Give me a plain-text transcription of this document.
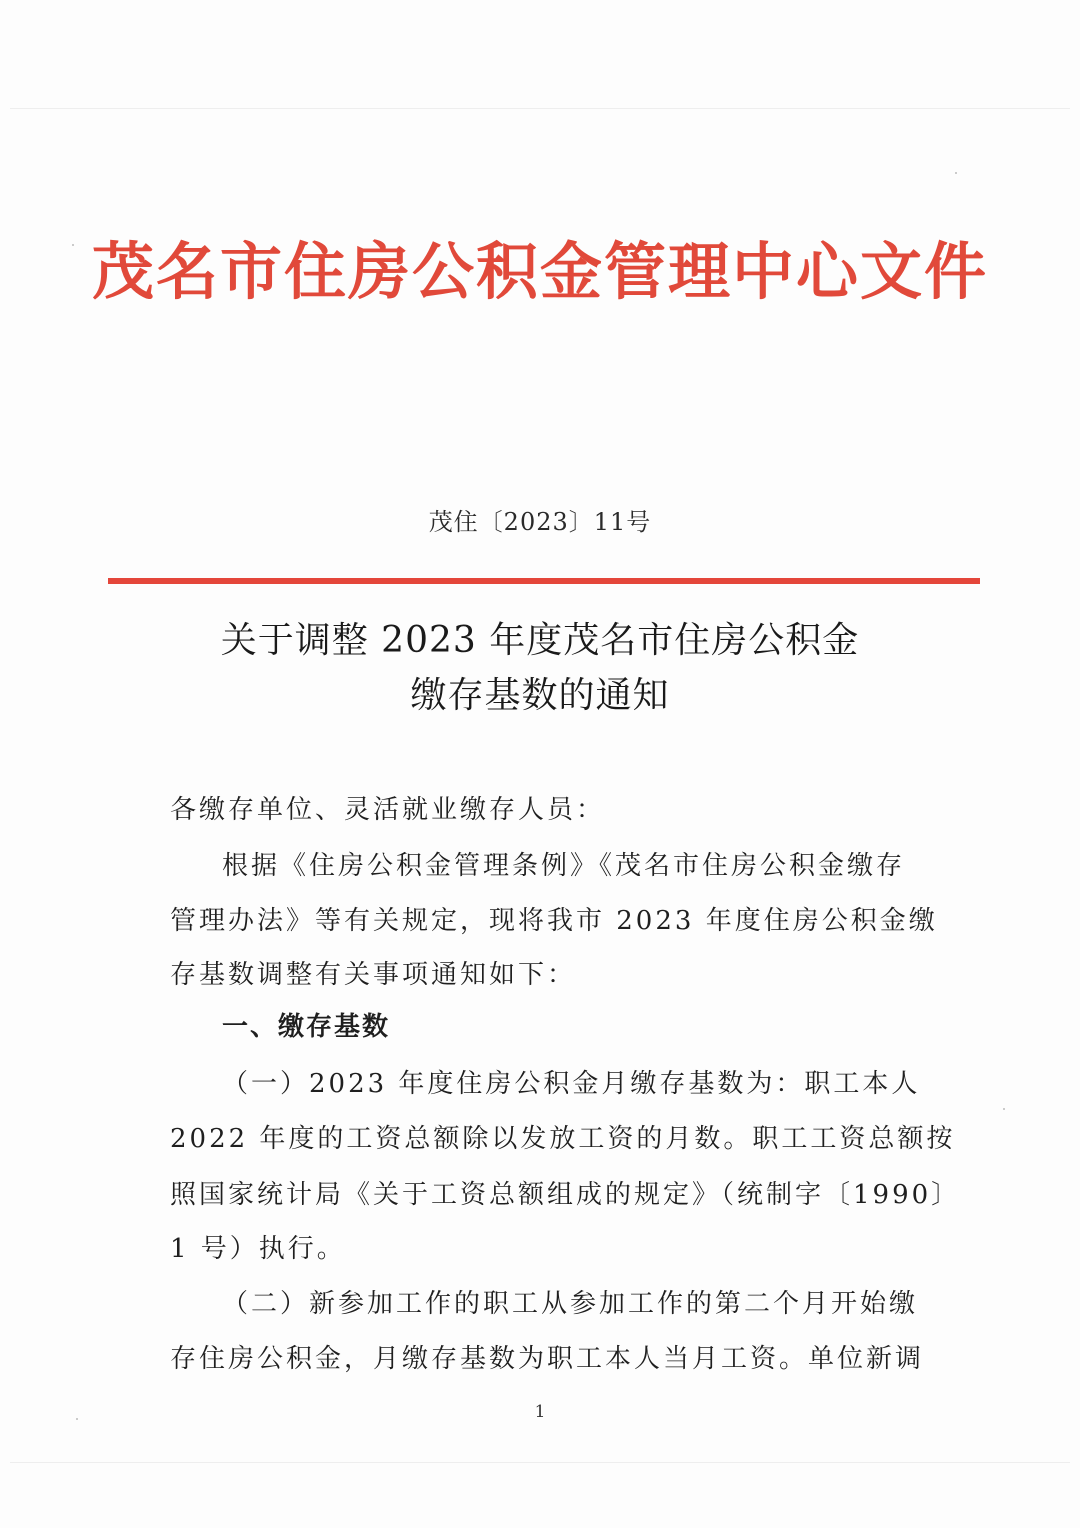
茂名市住房公积金管理中心文件
茂住〔2023〕11号
关于调整 2023 年度茂名市住房公积金
缴存基数的通知
各缴存单位、灵活就业缴存人员：
根据《住房公积金管理条例》《茂名市住房公积金缴存
管理办法》等有关规定，现将我市 2023 年度住房公积金缴
存基数调整有关事项通知如下：
一、缴存基数
（一）2023 年度住房公积金月缴存基数为：职工本人
2022 年度的工资总额除以发放工资的月数。职工工资总额按
照国家统计局《关于工资总额组成的规定》（统制字〔1990〕
1 号）执行。
（二）新参加工作的职工从参加工作的第二个月开始缴
存住房公积金，月缴存基数为职工本人当月工资。单位新调
1
